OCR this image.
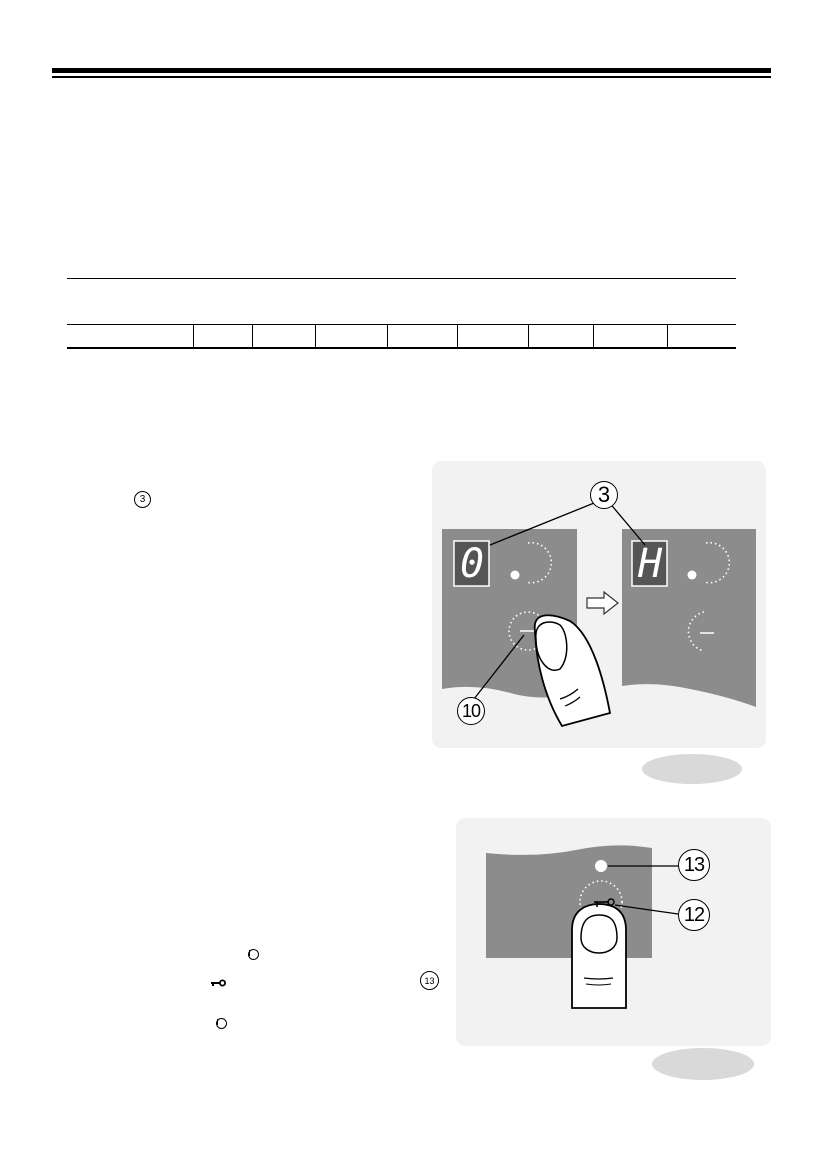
3
13
0	H
3
10
13
12
